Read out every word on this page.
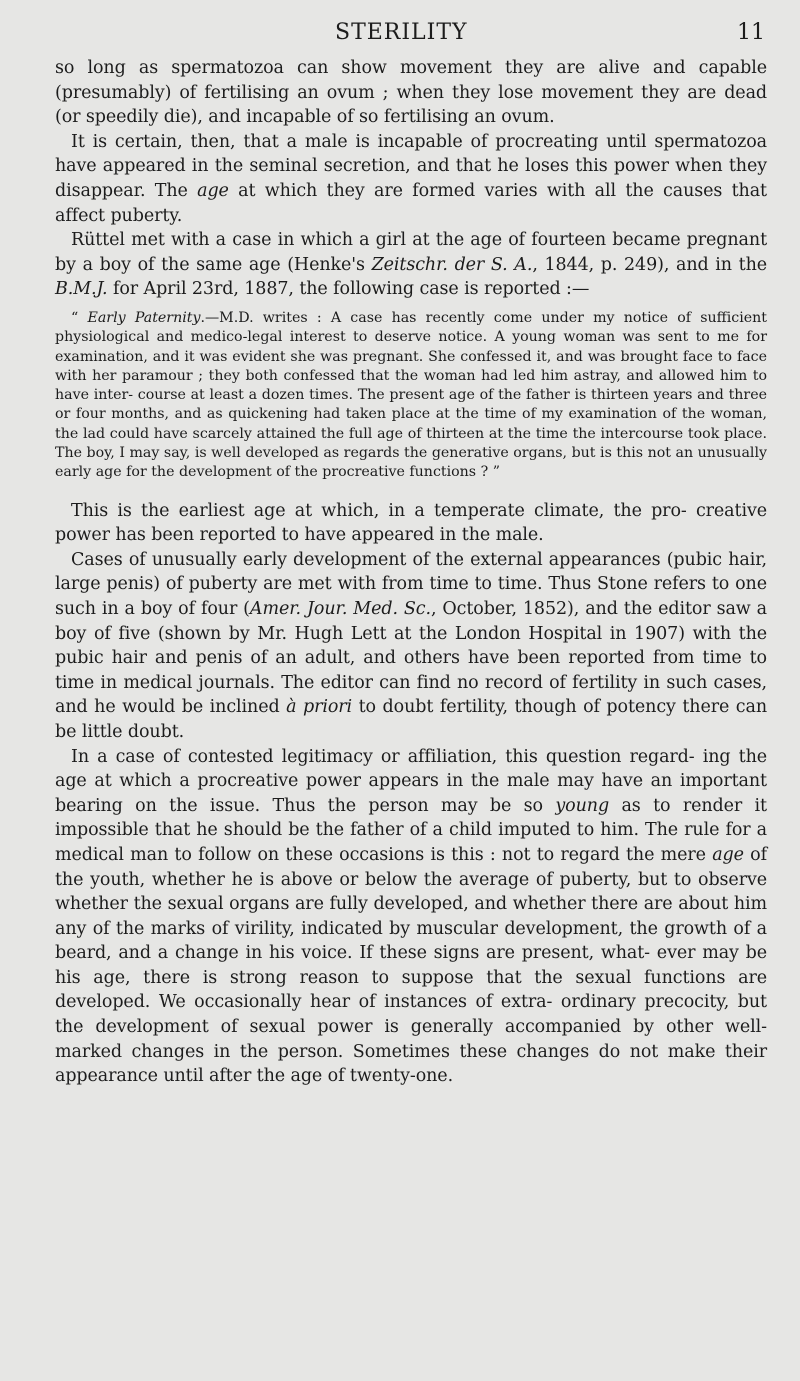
STERILITY	11

so long as spermatozoa can show movement they are alive and capable (presumably) of fertilising an ovum ; when they lose movement they are dead (or speedily die), and incapable of so fertilising an ovum.

It is certain, then, that a male is incapable of procreating until spermatozoa have appeared in the seminal secretion, and that he loses this power when they disappear. The age at which they are formed varies with all the causes that affect puberty.

Rüttel met with a case in which a girl at the age of fourteen became pregnant by a boy of the same age (Henke's Zeitschr. der S. A., 1844, p. 249), and in the B.M.J. for April 23rd, 1887, the following case is reported :—

“ Early Paternity.—M.D. writes : A case has recently come under my notice of sufficient physiological and medico-legal interest to deserve notice. A young woman was sent to me for examination, and it was evident she was pregnant. She confessed it, and was brought face to face with her paramour ; they both confessed that the woman had led him astray, and allowed him to have inter- course at least a dozen times. The present age of the father is thirteen years and three or four months, and as quickening had taken place at the time of my examination of the woman, the lad could have scarcely attained the full age of thirteen at the time the intercourse took place. The boy, I may say, is well developed as regards the generative organs, but is this not an unusually early age for the development of the procreative functions ? ”

This is the earliest age at which, in a temperate climate, the pro- creative power has been reported to have appeared in the male.

Cases of unusually early development of the external appearances (pubic hair, large penis) of puberty are met with from time to time. Thus Stone refers to one such in a boy of four (Amer. Jour. Med. Sc., October, 1852), and the editor saw a boy of five (shown by Mr. Hugh Lett at the London Hospital in 1907) with the pubic hair and penis of an adult, and others have been reported from time to time in medical journals. The editor can find no record of fertility in such cases, and he would be inclined à priori to doubt fertility, though of potency there can be little doubt.

In a case of contested legitimacy or affiliation, this question regard- ing the age at which a procreative power appears in the male may have an important bearing on the issue. Thus the person may be so young as to render it impossible that he should be the father of a child imputed to him. The rule for a medical man to follow on these occasions is this : not to regard the mere age of the youth, whether he is above or below the average of puberty, but to observe whether the sexual organs are fully developed, and whether there are about him any of the marks of virility, indicated by muscular development, the growth of a beard, and a change in his voice. If these signs are present, what- ever may be his age, there is strong reason to suppose that the sexual functions are developed. We occasionally hear of instances of extra- ordinary precocity, but the development of sexual power is generally accompanied by other well-marked changes in the person. Sometimes these changes do not make their appearance until after the age of twenty-one.
